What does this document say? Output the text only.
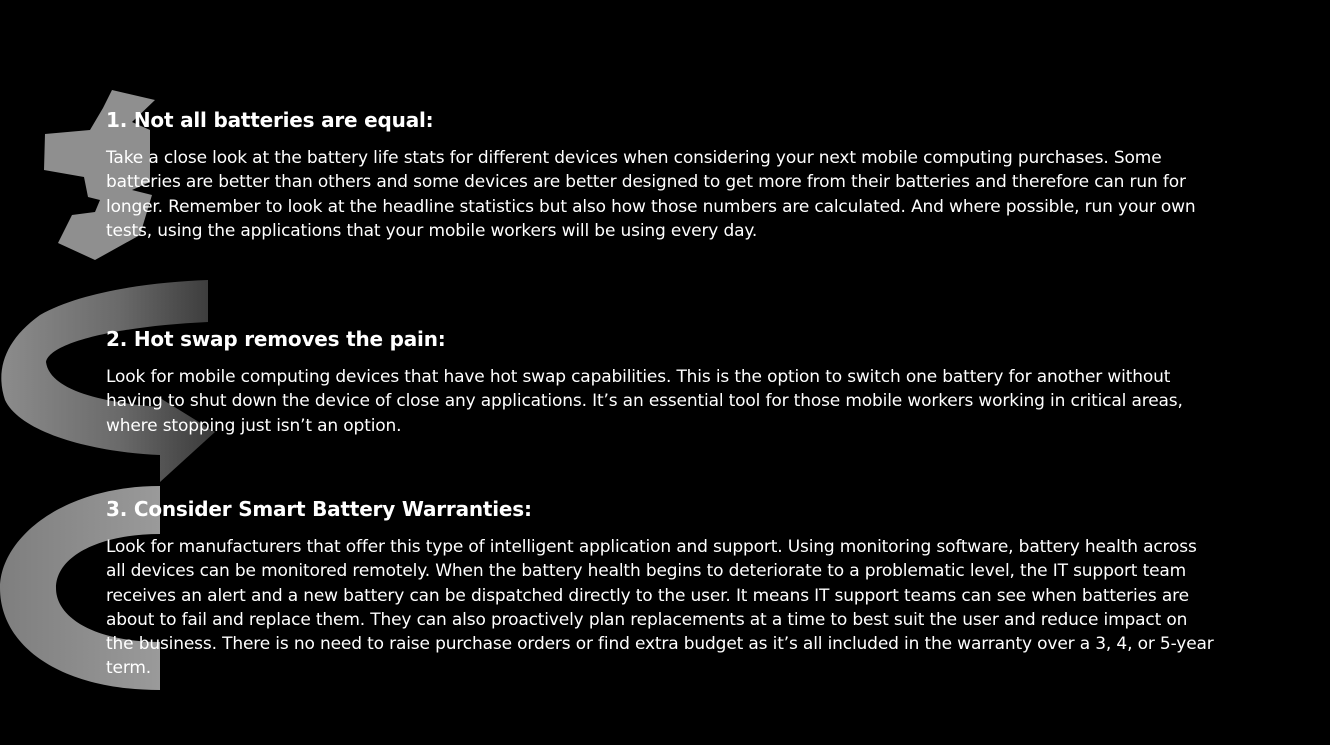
1. Not all batteries are equal:

Take a close look at the battery life stats for different devices when considering your next mobile computing purchases. Some batteries are better than others and some devices are better designed to get more from their batteries and therefore can run for longer. Remember to look at the headline statistics but also how those numbers are calculated. And where possible, run your own tests, using the applications that your mobile workers will be using every day.

2. Hot swap removes the pain:

Look for mobile computing devices that have hot swap capabilities. This is the option to switch one battery for another without having to shut down the device of close any applications. It’s an essential tool for those mobile workers working in critical areas, where stopping just isn’t an option.

3. Consider Smart Battery Warranties:

Look for manufacturers that offer this type of intelligent application and support. Using monitoring software, battery health across all devices can be monitored remotely. When the battery health begins to deteriorate to a problematic level, the IT support team receives an alert and a new battery can be dispatched directly to the user. It means IT support teams can see when batteries are about to fail and replace them. They can also proactively plan replacements at a time to best suit the user and reduce impact on the business. There is no need to raise purchase orders or find extra budget as it’s all included in the warranty over a 3, 4, or 5-year term.
